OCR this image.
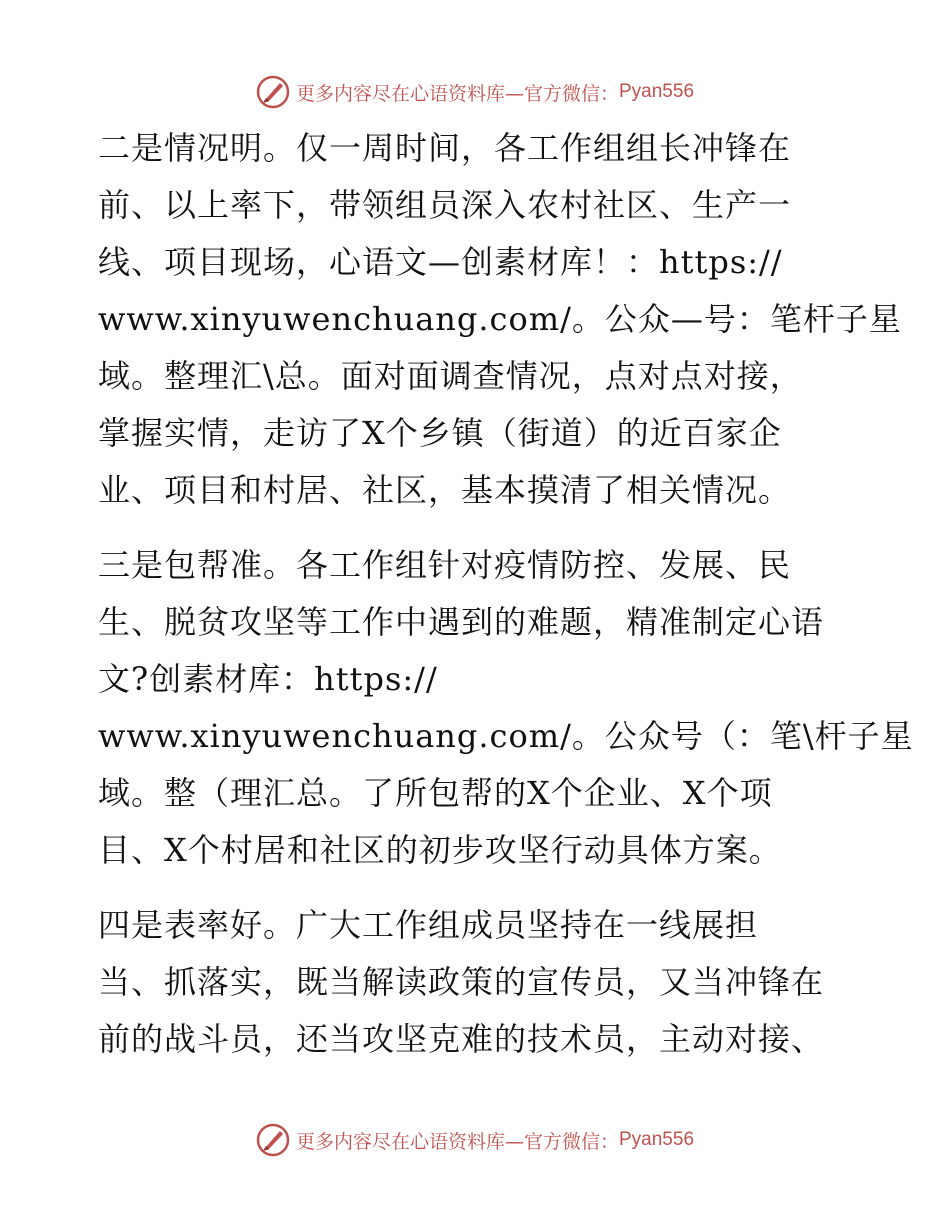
更多内容尽在心语资料库—官方微信： Pyan556
二是情况明。仅一周时间，各工作组组长冲锋在
前、以上率下，带领组员深入农村社区、生产一
线、项目现场，心语文—创素材库！：https://
www.xinyuwenchuang.com/。公众—号：笔杆子星
域。整理汇\总。面对面调查情况，点对点对接，
掌握实情，走访了X个乡镇（街道）的近百家企
业、项目和村居、社区，基本摸清了相关情况。
三是包帮准。各工作组针对疫情防控、发展、民
生、脱贫攻坚等工作中遇到的难题，精准制定心语
文?创素材库：https://
www.xinyuwenchuang.com/。公众号（：笔\杆子星
域。整（理汇总。了所包帮的X个企业、X个项
目、X个村居和社区的初步攻坚行动具体方案。
四是表率好。广大工作组成员坚持在一线展担
当、抓落实，既当解读政策的宣传员，又当冲锋在
前的战斗员，还当攻坚克难的技术员，主动对接、
更多内容尽在心语资料库—官方微信： Pyan556
